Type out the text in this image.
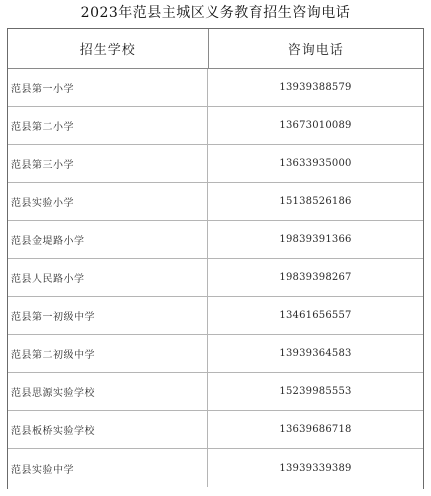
2023年范县主城区义务教育招生咨询电话
招生学校	咨询电话
范县第一小学	13939388579
范县第二小学	13673010089
范县第三小学	13633935000
范县实验小学	15138526186
范县金堤路小学	19839391366
范县人民路小学	19839398267
范县第一初级中学	13461656557
范县第二初级中学	13939364583
范县思源实验学校	15239985553
范县板桥实验学校	13639686718
范县实验中学	13939339389
